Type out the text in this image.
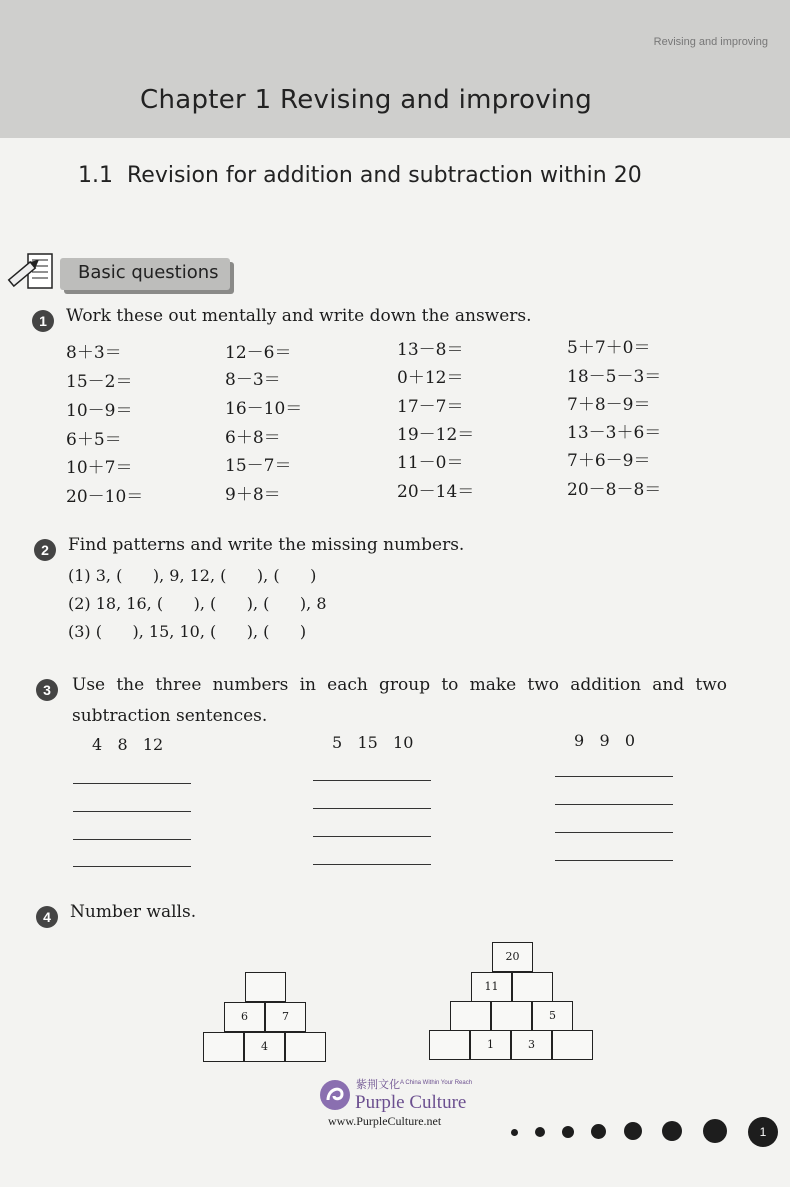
Revising and improving
Chapter 1 Revising and improving
1.1 Revision for addition and subtraction within 20
Basic questions
1	Work these out mentally and write down the answers.
8＋3＝	12－6＝	13－8＝	5＋7＋0＝
15－2＝	8－3＝	0＋12＝	18－5－3＝
10－9＝	16－10＝	17－7＝	7＋8－9＝
6＋5＝	6＋8＝	19－12＝	13－3＋6＝
10＋7＝	15－7＝	11－0＝	7＋6－9＝
20－10＝	9＋8＝	20－14＝	20－8－8＝
2	Find patterns and write the missing numbers.
(1) 3, (      ), 9, 12, (      ), (      )
(2) 18, 16, (      ), (      ), (      ), 8
(3) (      ), 15, 10, (      ), (      )
3	Use the three numbers in each group to make two addition and two subtraction sentences.
4   8   12	5   15   10	9   9   0
4	Number walls.
6	7
4
20
11
5
1	3
紫荆文化 A China Within Your Reach
Purple Culture
www.PurpleCulture.net
1
